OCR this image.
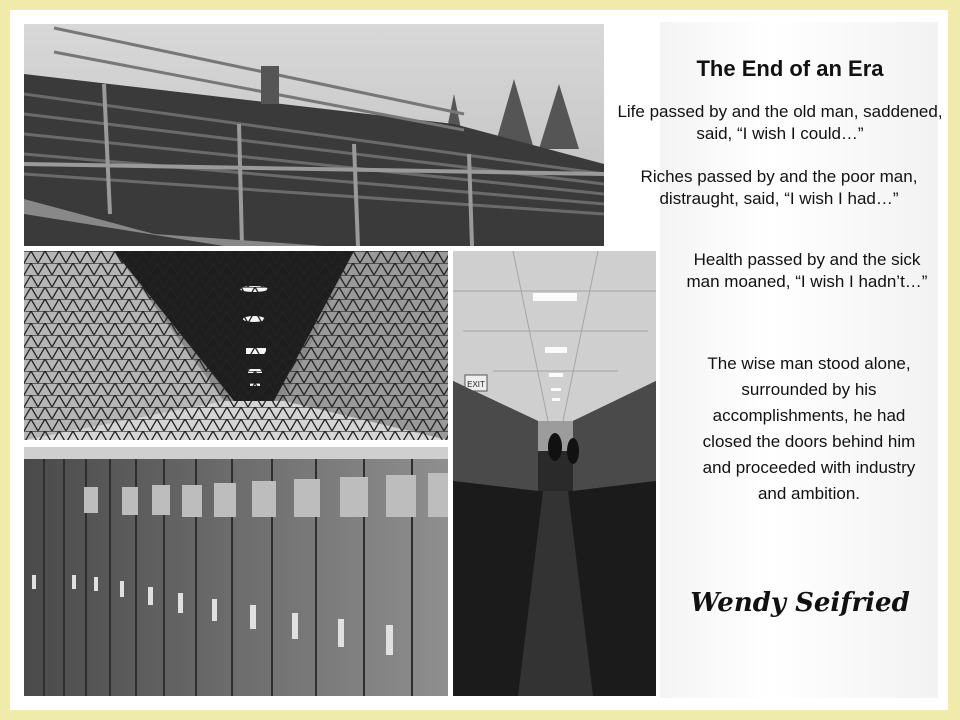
EXIT
The End of an Era
Life passed by and the old man, saddened, said, “I wish I could…”
Riches passed by and the poor man, distraught, said, “I wish I had…”
Health passed by and the sick man moaned, “I wish I hadn’t…”
The wise man stood alone, surrounded by his accomplishments, he had closed the doors behind him and proceeded with industry and ambition.
Wendy Seifried
